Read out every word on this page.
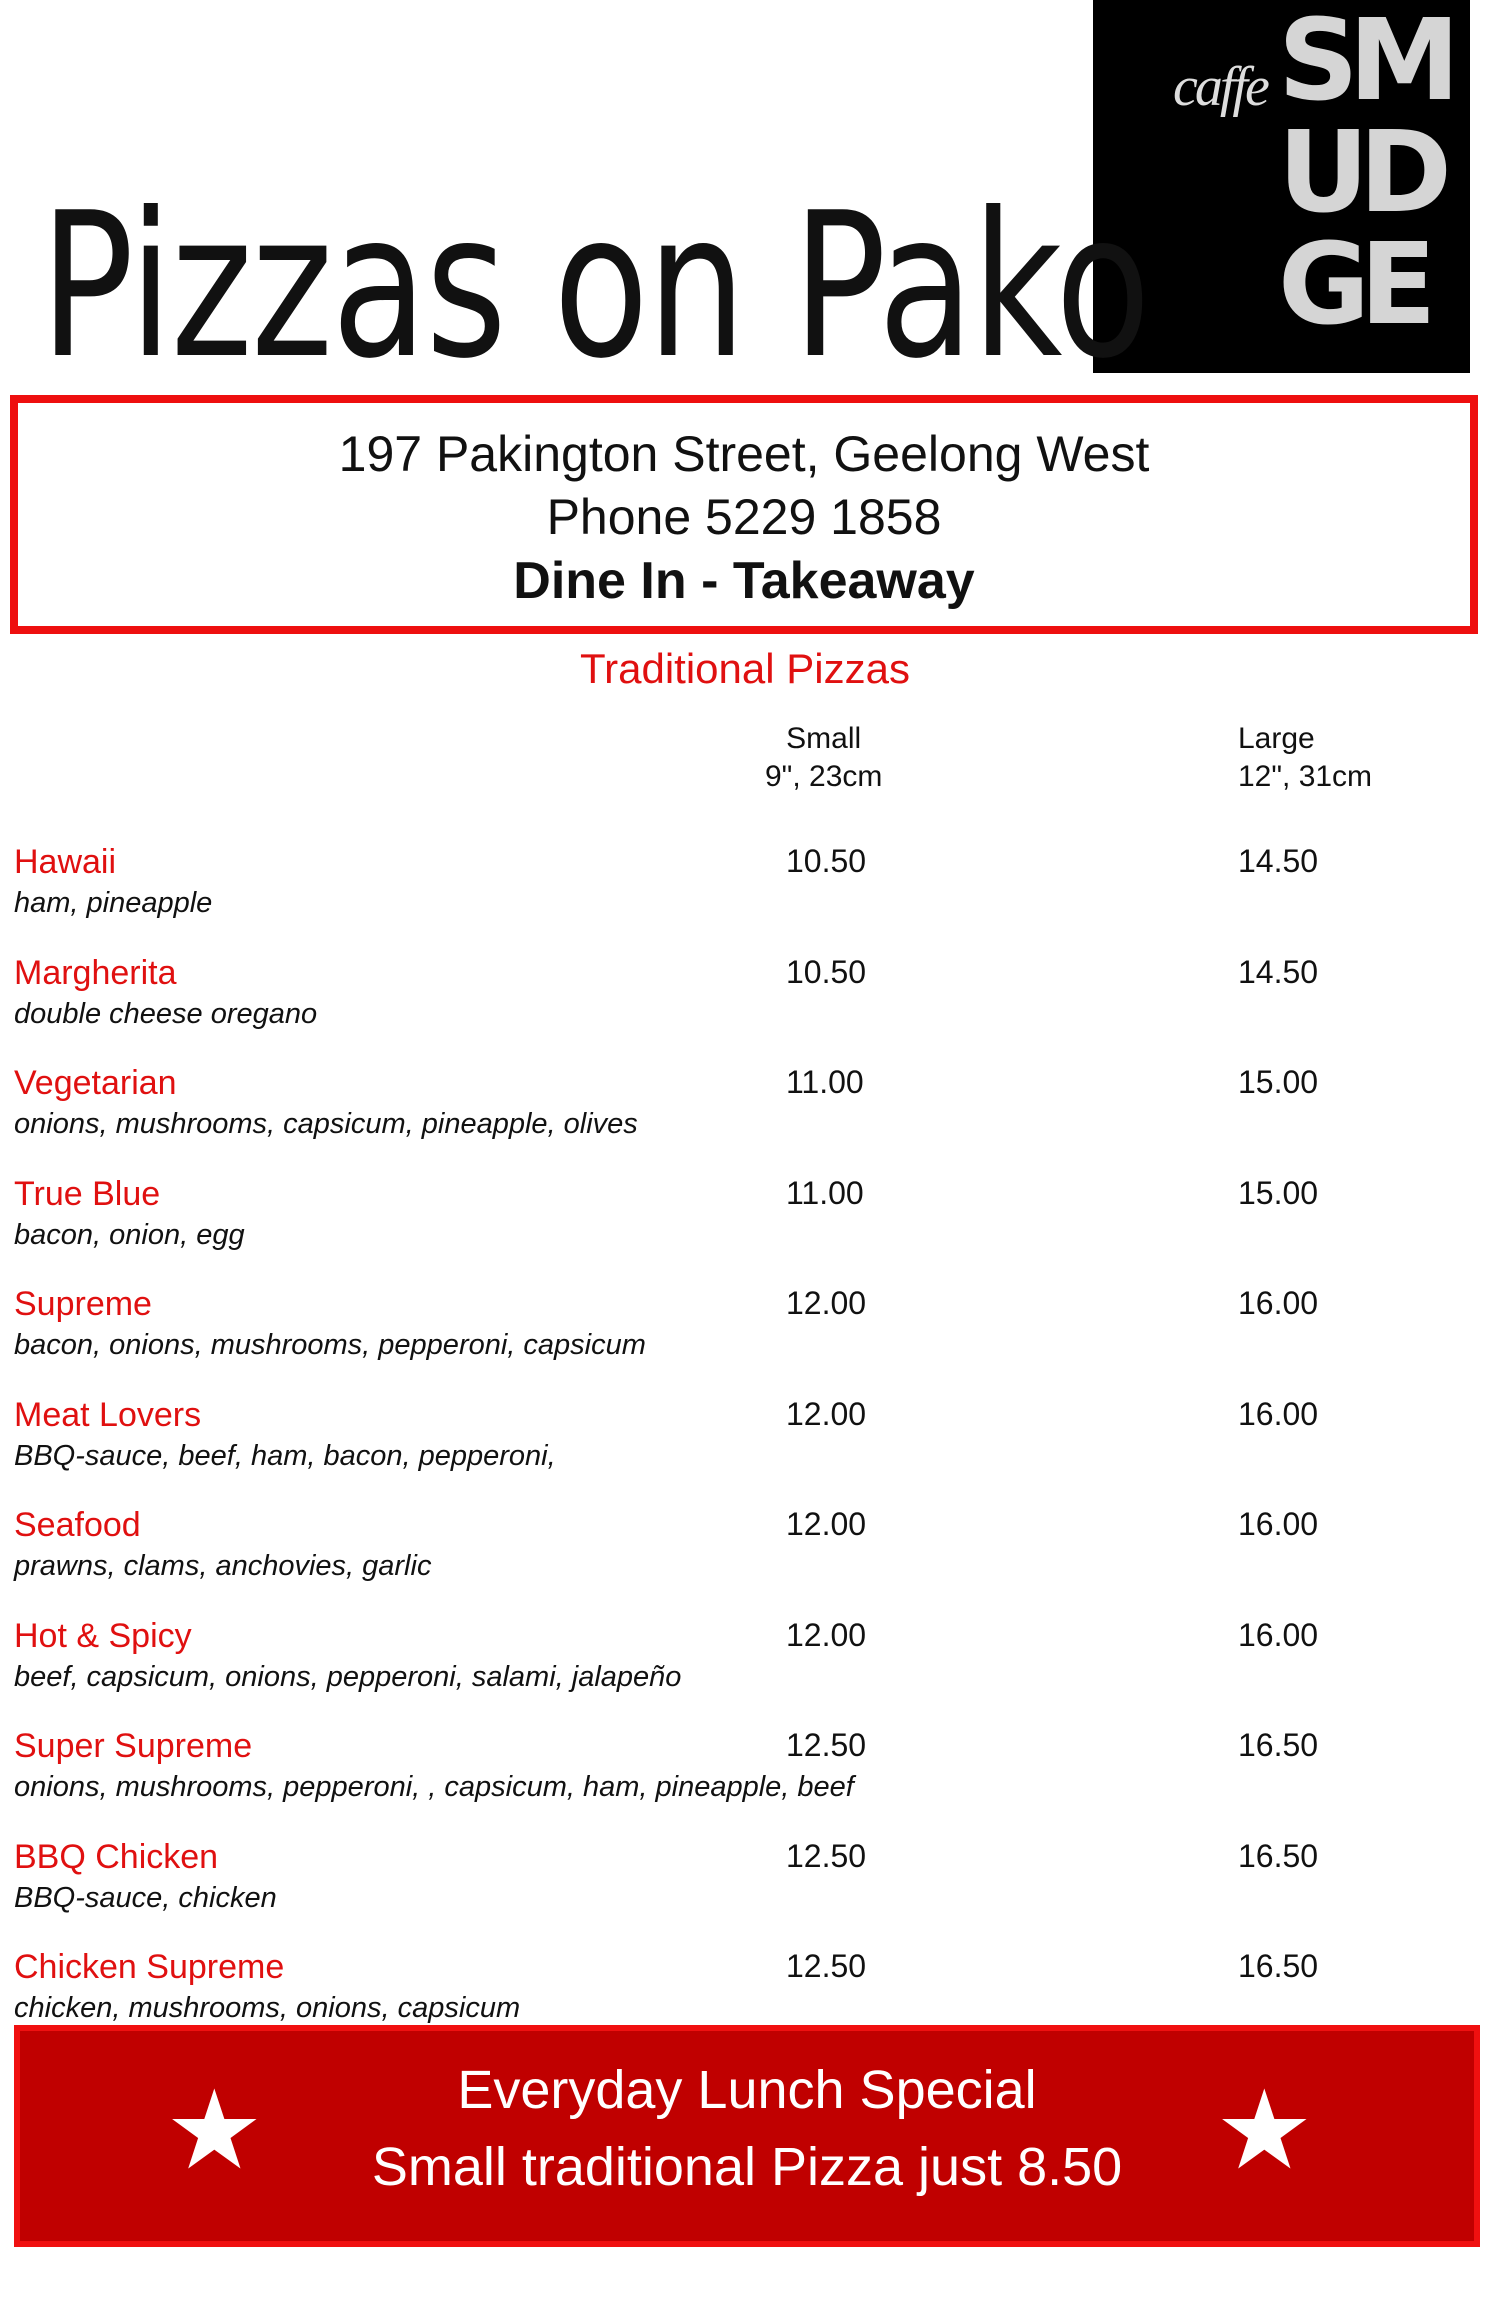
caffe SMUDGE
Pizzas on Pako
197 Pakington Street, Geelong West
Phone 5229 1858
Dine In - Takeaway
Traditional Pizzas
Small
9", 23cm
Large
12", 31cm
Hawaii
ham, pineapple
10.50	14.50
Margherita
double cheese oregano
10.50	14.50
Vegetarian
onions, mushrooms, capsicum, pineapple, olives
11.00	15.00
True Blue
bacon, onion, egg
11.00	15.00
Supreme
bacon, onions, mushrooms, pepperoni, capsicum
12.00	16.00
Meat Lovers
BBQ-sauce, beef, ham, bacon, pepperoni,
12.00	16.00
Seafood
prawns, clams, anchovies, garlic
12.00	16.00
Hot & Spicy
beef, capsicum, onions, pepperoni, salami, jalapeño
12.00	16.00
Super Supreme
onions, mushrooms, pepperoni, , capsicum, ham, pineapple, beef
12.50	16.50
BBQ Chicken
BBQ-sauce, chicken
12.50	16.50
Chicken Supreme
chicken, mushrooms, onions, capsicum
12.50	16.50
★	Everyday Lunch Special
Small traditional Pizza just 8.50 ★
